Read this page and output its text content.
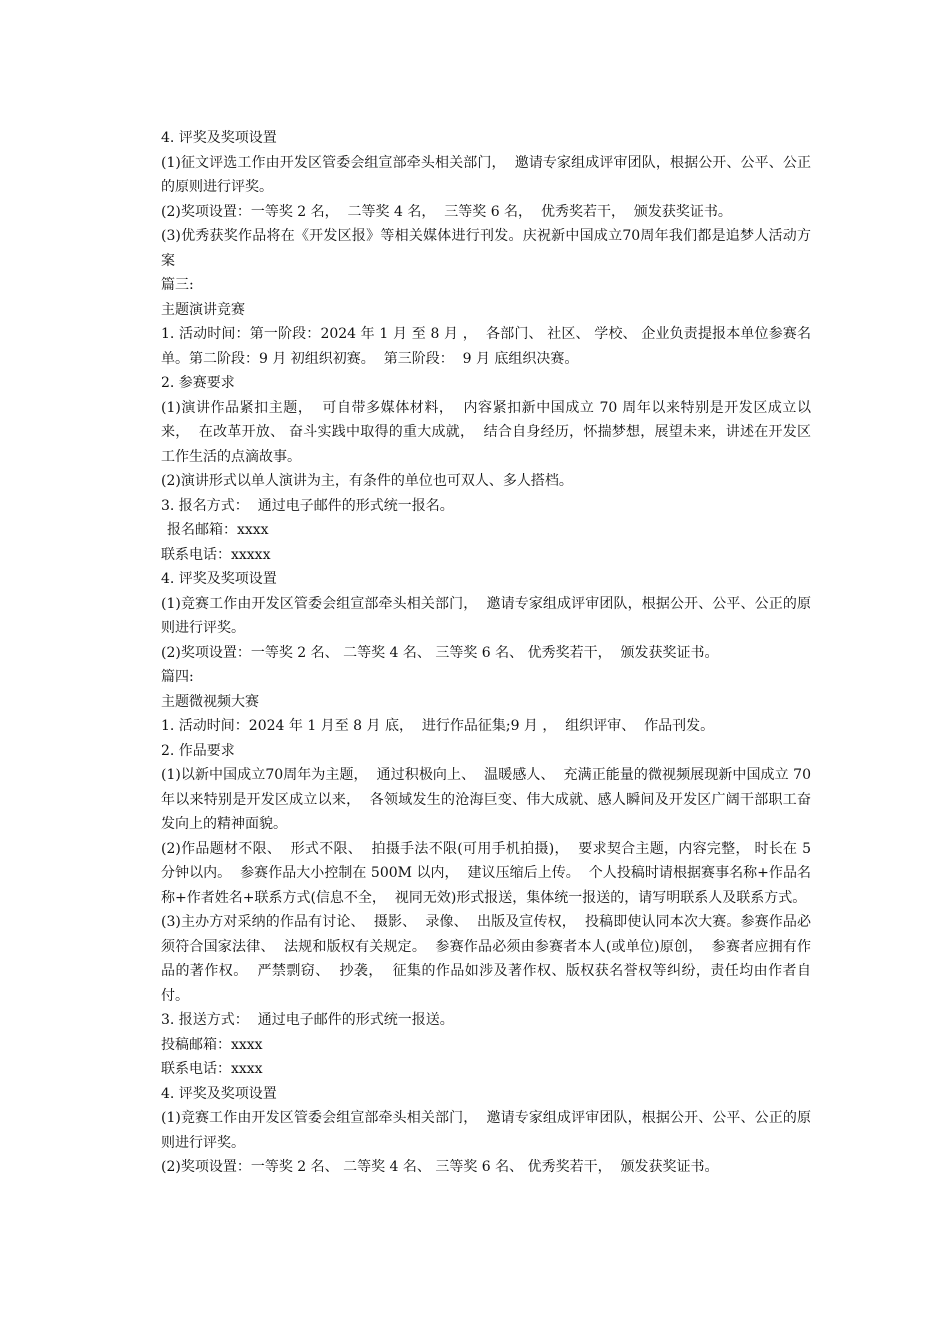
4. 评奖及奖项设置

(1)征文评选工作由开发区管委会组宣部牵头相关部门，  邀请专家组成评审团队，根据公开、公平、公正的原则进行评奖。

(2)奖项设置：一等奖 2 名，  二等奖 4 名，  三等奖 6 名，  优秀奖若干，  颁发获奖证书。

(3)优秀获奖作品将在《开发区报》等相关媒体进行刊发。庆祝新中国成立70周年我们都是追梦人活动方案

篇三:

主题演讲竞赛

1. 活动时间：第一阶段：2024 年 1 月 至 8 月 ，  各部门、 社区、 学校、 企业负责提报本单位参赛名单。第二阶段：9 月 初组织初赛。  第三阶段：  9 月 底组织决赛。

2. 参赛要求

(1)演讲作品紧扣主题，  可自带多媒体材料，  内容紧扣新中国成立 70 周年以来特别是开发区成立以来，  在改革开放、 奋斗实践中取得的重大成就，  结合自身经历，怀揣梦想，展望未来，讲述在开发区工作生活的点滴故事。

(2)演讲形式以单人演讲为主，有条件的单位也可双人、多人搭档。

3. 报名方式：  通过电子邮件的形式统一报名。

报名邮箱：xxxx

联系电话：xxxxx

4. 评奖及奖项设置

(1)竞赛工作由开发区管委会组宣部牵头相关部门，  邀请专家组成评审团队，根据公开、公平、公正的原则进行评奖。

(2)奖项设置：一等奖 2 名、 二等奖 4 名、 三等奖 6 名、 优秀奖若干，  颁发获奖证书。

篇四:

主题微视频大赛

1. 活动时间：2024 年 1 月至 8 月 底，  进行作品征集;9 月 ，  组织评审、  作品刊发。

2. 作品要求

(1)以新中国成立70周年为主题，  通过积极向上、  温暖感人、  充满正能量的微视频展现新中国成立 70 年以来特别是开发区成立以来，  各领域发生的沧海巨变、伟大成就、感人瞬间及开发区广阔干部职工奋发向上的精神面貌。

(2)作品题材不限、  形式不限、  拍摄手法不限(可用手机拍摄)，  要求契合主题，内容完整， 时长在 5 分钟以内。  参赛作品大小控制在 500M 以内，  建议压缩后上传。  个人投稿时请根据赛事名称+作品名称+作者姓名+联系方式(信息不全，  视同无效)形式报送，集体统一报送的，请写明联系人及联系方式。

(3)主办方对采纳的作品有讨论、  摄影、  录像、  出版及宣传权，  投稿即使认同本次大赛。参赛作品必须符合国家法律、  法规和版权有关规定。  参赛作品必须由参赛者本人(或单位)原创，  参赛者应拥有作品的著作权。  严禁剽窃、  抄袭，  征集的作品如涉及著作权、版权获名誉权等纠纷，责任均由作者自付。

3. 报送方式：  通过电子邮件的形式统一报送。

投稿邮箱：xxxx

联系电话：xxxx

4. 评奖及奖项设置

(1)竞赛工作由开发区管委会组宣部牵头相关部门，  邀请专家组成评审团队，根据公开、公平、公正的原则进行评奖。

(2)奖项设置：一等奖 2 名、 二等奖 4 名、 三等奖 6 名、 优秀奖若干，  颁发获奖证书。
